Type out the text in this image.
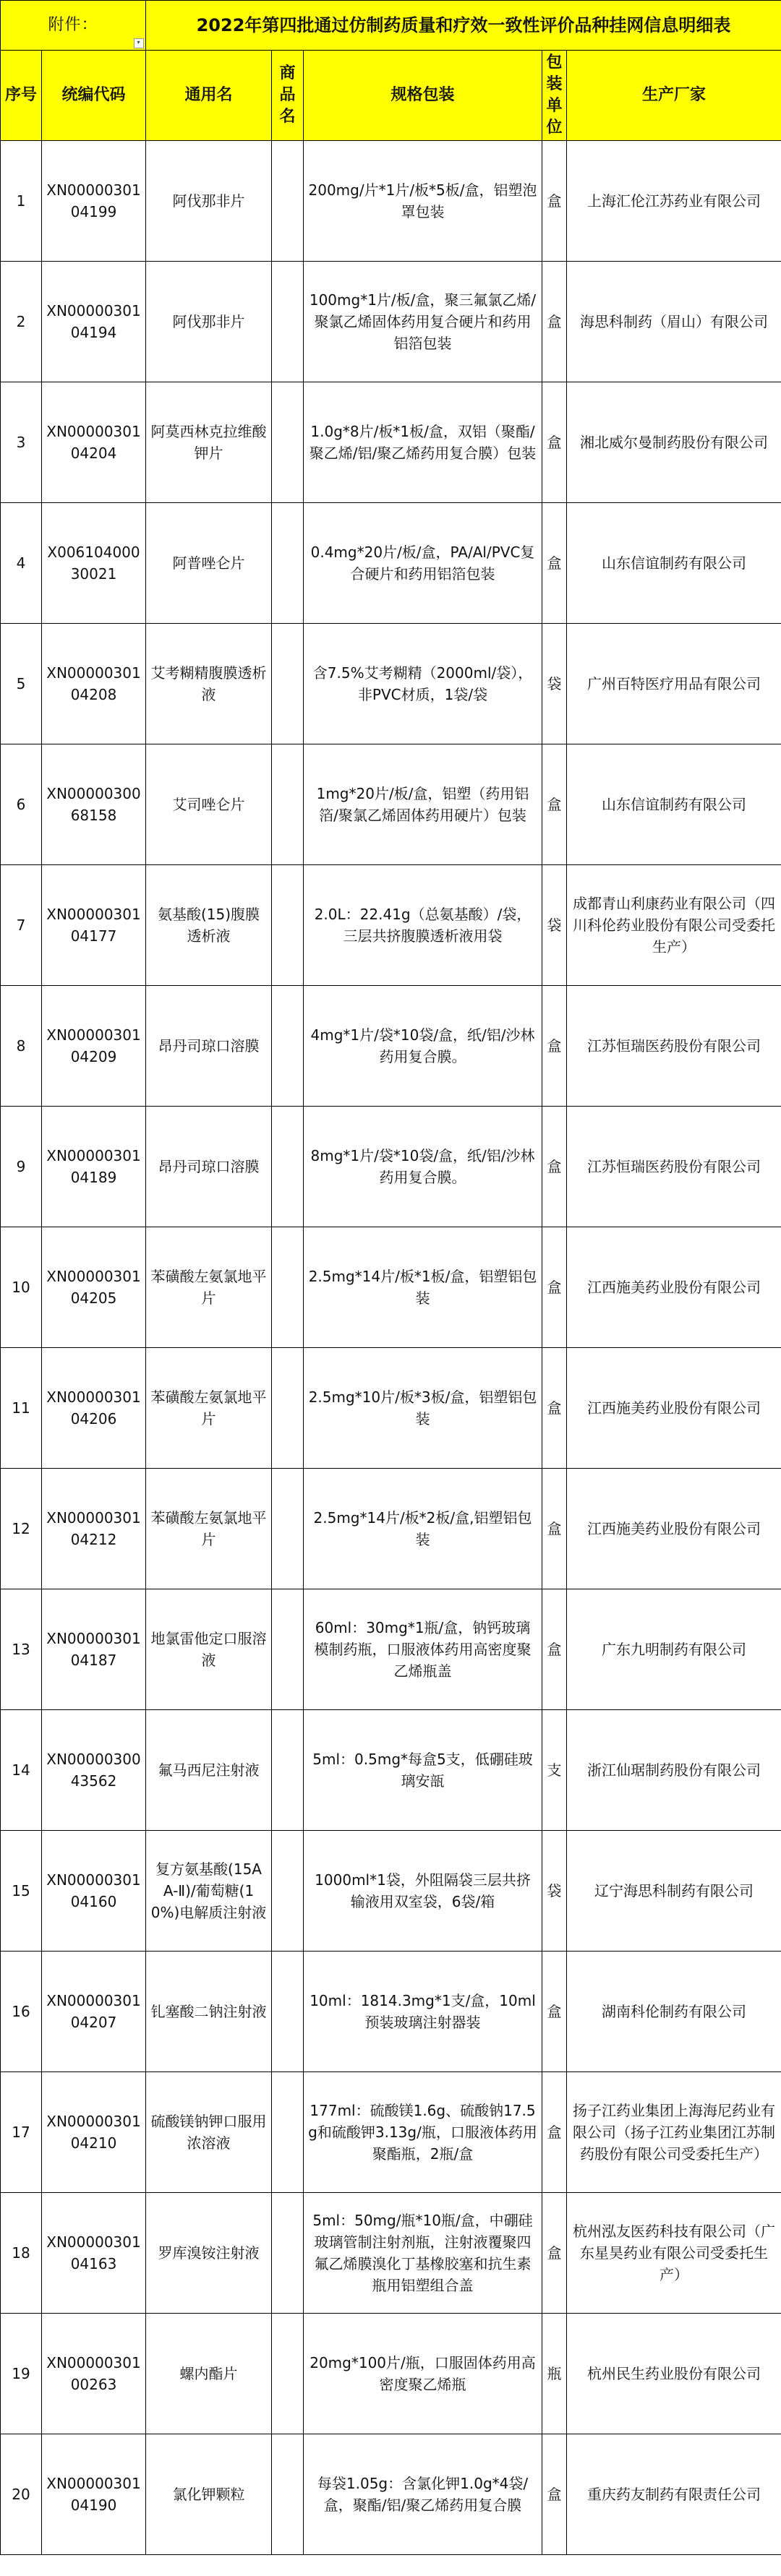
附件：
▾		2022年第四批通过仿制药质量和疗效一致性评价品种挂网信息明细表				
序号	统编代码	通用名	商品名	规格包装	包装单位	生产厂家
1	XN0000030104199	阿伐那非片		200mg/片*1片/板*5板/盒，铝塑泡罩包装	盒	上海汇伦江苏药业有限公司
2	XN0000030104194	阿伐那非片		100mg*1片/板/盒，聚三氟氯乙烯/聚氯乙烯固体药用复合硬片和药用铝箔包装	盒	海思科制药（眉山）有限公司
3	XN0000030104204	阿莫西林克拉维酸钾片		1.0g*8片/板*1板/盒，双铝（聚酯/聚乙烯/铝/聚乙烯药用复合膜）包装	盒	湘北威尔曼制药股份有限公司
4	X00610400030021	阿普唑仑片		0.4mg*20片/板/盒，PA/Al/PVC复合硬片和药用铝箔包装	盒	山东信谊制药有限公司
5	XN0000030104208	艾考糊精腹膜透析液		含7.5%艾考糊精（2000ml/袋），非PVC材质，1袋/袋	袋	广州百特医疗用品有限公司
6	XN0000030068158	艾司唑仑片		1mg*20片/板/盒，铝塑（药用铝箔/聚氯乙烯固体药用硬片）包装	盒	山东信谊制药有限公司
7	XN0000030104177	氨基酸(15)腹膜透析液		2.0L：22.41g（总氨基酸）/袋，三层共挤腹膜透析液用袋	袋	成都青山利康药业有限公司（四川科伦药业股份有限公司受委托生产）
8	XN0000030104209	昂丹司琼口溶膜		4mg*1片/袋*10袋/盒，纸/铝/沙林药用复合膜。	盒	江苏恒瑞医药股份有限公司
9	XN0000030104189	昂丹司琼口溶膜		8mg*1片/袋*10袋/盒，纸/铝/沙林药用复合膜。	盒	江苏恒瑞医药股份有限公司
10	XN0000030104205	苯磺酸左氨氯地平片		2.5mg*14片/板*1板/盒，铝塑铝包装	盒	江西施美药业股份有限公司
11	XN0000030104206	苯磺酸左氨氯地平片		2.5mg*10片/板*3板/盒，铝塑铝包装	盒	江西施美药业股份有限公司
12	XN0000030104212	苯磺酸左氨氯地平片		2.5mg*14片/板*2板/盒,铝塑铝包装	盒	江西施美药业股份有限公司
13	XN0000030104187	地氯雷他定口服溶液		60ml：30mg*1瓶/盒，钠钙玻璃模制药瓶，口服液体药用高密度聚乙烯瓶盖	盒	广东九明制药有限公司
14	XN0000030043562	氟马西尼注射液		5ml：0.5mg*每盒5支，低硼硅玻璃安瓿	支	浙江仙琚制药股份有限公司
15	XN0000030104160	复方氨基酸(15AA-Ⅱ)/葡萄糖(10%)电解质注射液		1000ml*1袋，外阻隔袋三层共挤输液用双室袋，6袋/箱	袋	辽宁海思科制药有限公司
16	XN0000030104207	钆塞酸二钠注射液		10ml：1814.3mg*1支/盒，10ml预装玻璃注射器装	盒	湖南科伦制药有限公司
17	XN0000030104210	硫酸镁钠钾口服用浓溶液		177ml：硫酸镁1.6g、硫酸钠17.5g和硫酸钾3.13g/瓶，口服液体药用聚酯瓶，2瓶/盒	盒	扬子江药业集团上海海尼药业有限公司（扬子江药业集团江苏制药股份有限公司受委托生产）
18	XN0000030104163	罗库溴铵注射液		5ml：50mg/瓶*10瓶/盒，中硼硅玻璃管制注射剂瓶，注射液覆聚四氟乙烯膜溴化丁基橡胶塞和抗生素瓶用铝塑组合盖	盒	杭州泓友医药科技有限公司（广东星昊药业有限公司受委托生产）
19	XN0000030100263	螺内酯片		20mg*100片/瓶，口服固体药用高密度聚乙烯瓶	瓶	杭州民生药业股份有限公司
20	XN0000030104190	氯化钾颗粒		每袋1.05g：含氯化钾1.0g*4袋/盒，聚酯/铝/聚乙烯药用复合膜	盒	重庆药友制药有限责任公司
